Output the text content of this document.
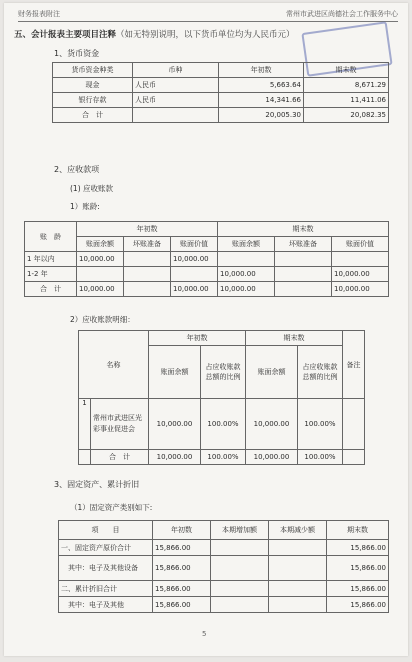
财务报表附注	常州市武进区尚德社会工作服务中心
五、会计报表主要项目注释（如无特别说明，以下货币单位均为人民币元）
1、货币资金
货币资金种类	币种	年初数	期末数
现金	人民币	5,663.64	8,671.29
银行存款	人民币	14,341.66	11,411.06
合　计		20,005.30	20,082.35
2、应收款项
(1) 应收账款
1）账龄:
账　龄	年初数			期末数		
	账面余额	坏账准备	账面价值	账面余额	坏账准备	账面价值
1 年以内	10,000.00		10,000.00			
1-2 年				10,000.00		10,000.00
合　计	10,000.00		10,000.00	10,000.00		10,000.00
2）应收账款明细：
名称		年初数		期末数		备注
		账面余额	占应收账款总额的比例	账面余额	占应收账款总额的比例	
1	常州市武进区光彩事业促进会	10,000.00	100.00%	10,000.00	100.00%	
	合　计	10,000.00	100.00%	10,000.00	100.00%	
3、固定资产、累计折旧
（1）固定资产类别如下:
项　　目	年初数	本期增加额	本期减少额	期末数
一、固定资产原价合计	15,866.00			15,866.00
　其中：电子及其他设备	15,866.00			15,866.00
二、累计折旧合计	15,866.00			15,866.00
　其中：电子及其他	15,866.00			15,866.00
5
